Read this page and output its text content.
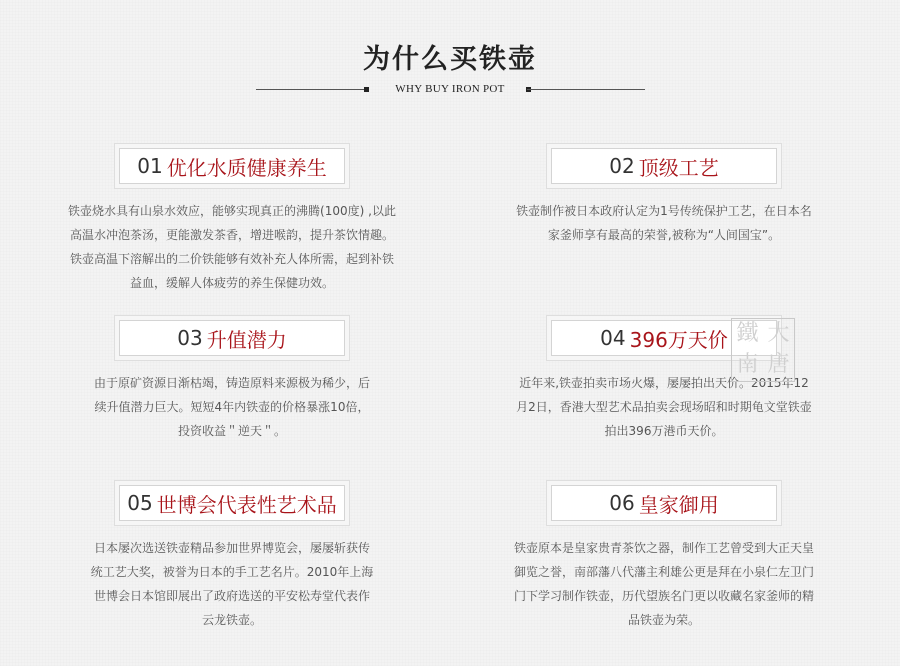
为什么买铁壶
WHY BUY IRON POT
01 优化水质健康养生

铁壶烧水具有山泉水效应，能够实现真正的沸腾(100度) ,以此
高温水冲泡茶汤，更能激发茶香，增进喉韵，提升茶饮情趣。
铁壶高温下溶解出的二价铁能够有效补充人体所需，起到补铁
益血，缓解人体疲劳的养生保健功效。

02 顶级工艺

铁壶制作被日本政府认定为1号传统保护工艺，在日本名
家釜师享有最高的荣誉,被称为“人间国宝”。

03 升值潜力

由于原矿资源日渐枯竭，铸造原料来源极为稀少，后
续升值潜力巨大。短短4年内铁壶的价格暴涨10倍，
投资收益＂逆天＂。

04 396万天价

近年来,铁壶拍卖市场火爆，屡屡拍出天价。2015年12
月2日，香港大型艺术品拍卖会现场昭和时期龟文堂铁壶
拍出396万港币天价。

05 世博会代表性艺术品

日本屡次选送铁壶精品参加世界博览会，屡屡斩获传
统工艺大奖，被誉为日本的手工艺名片。2010年上海
世博会日本馆即展出了政府选送的平安松寿堂代表作
云龙铁壶。

06 皇家御用

铁壶原本是皇家贵青茶饮之器，制作工艺曾受到大正天皇
御览之誉，南部藩八代藩主利雄公更是拜在小泉仁左卫门
门下学习制作铁壶，历代望族名门更以收藏名家釜师的精
品铁壶为荣。

鐵 大
南 唐
